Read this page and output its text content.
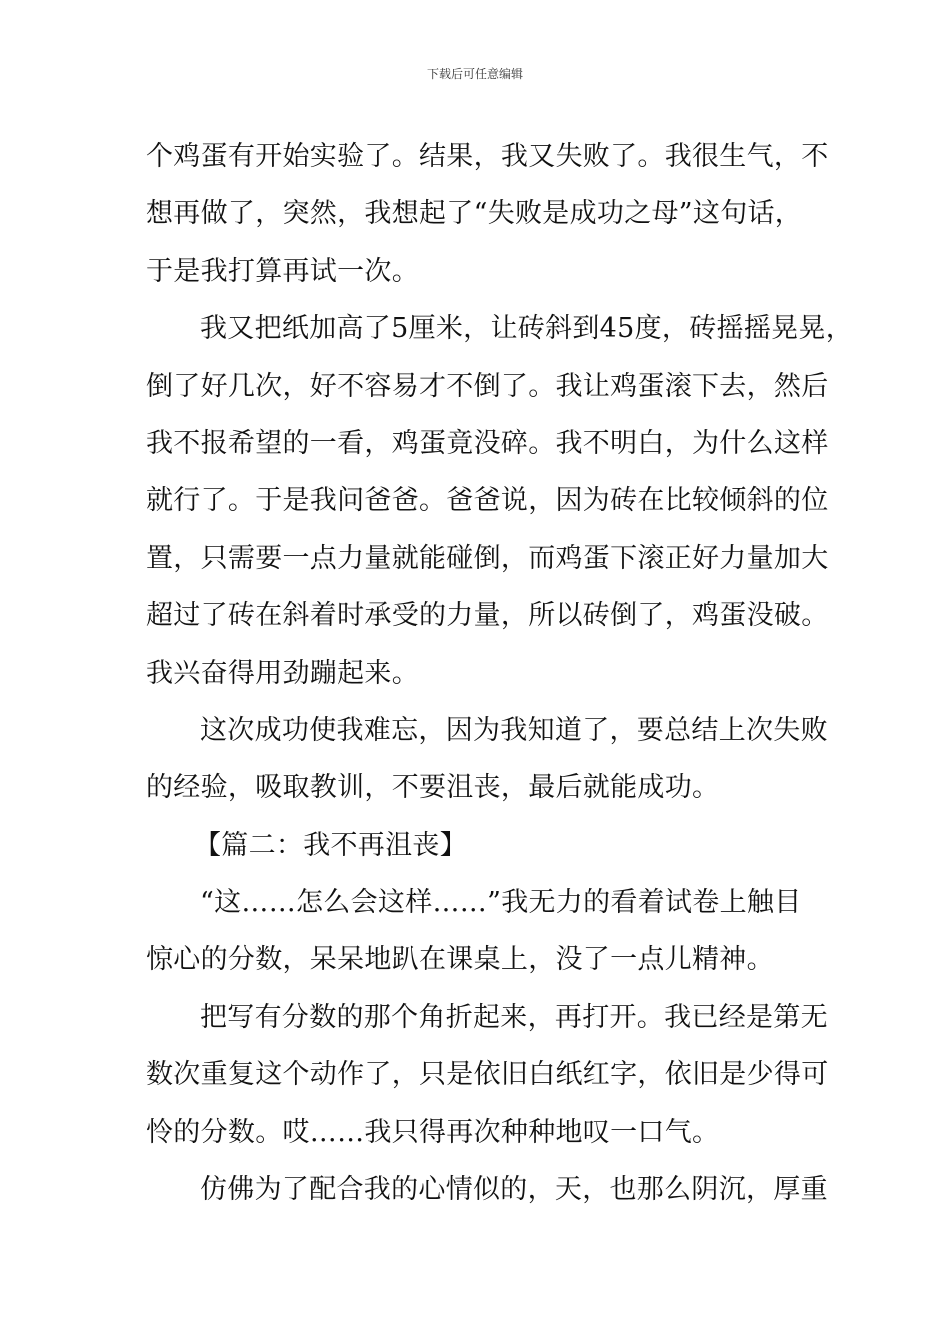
下载后可任意编辑
个鸡蛋有开始实验了。结果，我又失败了。我很生气，不
想再做了，突然，我想起了“失败是成功之母”这句话，
于是我打算再试一次。
我又把纸加高了5厘米，让砖斜到45度，砖摇摇晃晃，
倒了好几次，好不容易才不倒了。我让鸡蛋滚下去，然后
我不报希望的一看，鸡蛋竟没碎。我不明白，为什么这样
就行了。于是我问爸爸。爸爸说，因为砖在比较倾斜的位
置，只需要一点力量就能碰倒，而鸡蛋下滚正好力量加大
超过了砖在斜着时承受的力量，所以砖倒了，鸡蛋没破。
我兴奋得用劲蹦起来。
这次成功使我难忘，因为我知道了，要总结上次失败
的经验，吸取教训，不要沮丧，最后就能成功。
【篇二：我不再沮丧】
“这……怎么会这样……”我无力的看着试卷上触目
惊心的分数，呆呆地趴在课桌上，没了一点儿精神。
把写有分数的那个角折起来，再打开。我已经是第无
数次重复这个动作了，只是依旧白纸红字，依旧是少得可
怜的分数。哎……我只得再次种种地叹一口气。
仿佛为了配合我的心情似的，天，也那么阴沉，厚重
